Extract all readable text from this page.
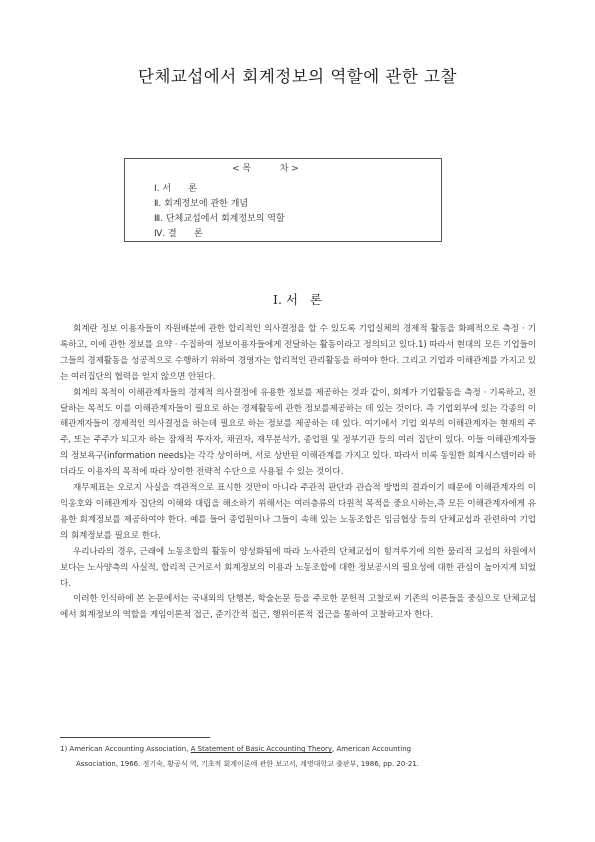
단체교섭에서 회계정보의 역할에 관한 고찰
< 목          차 >
Ⅰ. 서      론
Ⅱ. 회계정보에 관한 개념
Ⅲ. 단체교섭에서 회계정보의 역할
Ⅳ. 결      론
Ⅰ. 서   론

회계란 정보 이용자들이 자원배분에 관한 합리적인 의사결정을 할 수 있도록 기업실체의 경제적 활동을 화폐적으로 측정 · 기록하고, 이에 관한 정보를 요약 · 수집하여 정보이용자들에게 전달하는 활동이라고 정의되고 있다.1) 따라서 현대의 모든 기업들이 그들의 경제활동을 성공적으로 수행하기 위하여 경영자는 합리적인 관리활동을 하여야 한다. 그리고 기업과 이해관계를 가지고 있는 여러집단의 협력을 얻지 않으면 안된다.

회계의 목적이 이해관계자들의 경제적 의사결정에 유용한 정보를 제공하는 것과 같이, 회계가 기업활동을 측정 · 기록하고, 전달하는 목적도 이를 이해관계자들이 필요로 하는 경제활동에 관한 정보를제공하는 데 있는 것이다. 즉 기업외부에 있는 각종의 이해관계자들이 경제적인 의사결정을 하는데 필요로 하는 정보를 제공하는 데 있다. 여기에서 기업 외부의 이해관계자는 현재의 주주, 또는 주주가 되고자 하는 잠재적 투자자, 채권자, 재무분석가, 종업원 및 정부기관 등의 여러 집단이 있다. 이들 이해관계자들의 정보욕구(information needs)는 각각 상이하며, 서로 상반된 이해관계를 가지고 있다. 따라서 비록 동일한 회계시스템이라 하더라도 이용자의 목적에 따라 상이한 전략적 수단으로 사용될 수 있는 것이다.

재무제표는 오로지 사실을 객관적으로 표시한 것만이 아니라 주관적 판단과 관습적 방법의 결과이기 때문에 이해관계자의 이익옹호와 이해관계자 집단의 이해와 대립을 해소하기 위해서는 여러층류의 다원적 목적을 중요시하는,즉 모든 이해관계자에게 유용한 회계정보를 제공하여야 한다. 예를 들어 종업원이나 그들이 속해 있는 노동조합은 임금협상 등의 단체교섭과 관련하여 기업의 회계정보를 필요로 한다.

우리나라의 경우, 근래에 노동조합의 활동이 양성화됨에 따라 노사관의 단체교섭이 힘겨루기에 의한 물리적 교섭의 차원에서 보다는 노사양측의 사실적, 합리적 근거로서 회계정보의 이용과 노동조합에 대한 정보공시의 필요성에 대한 관심이 높아지게 되었다.

이러한 인식하에 본 논문에서는 국내외의 단행본, 학술논문 등을 주로한 문헌적 고찰로써 기존의 이론들을 중심으로 단체교섭에서 회계정보의 역할을 게임이론적 접근, 준기간적 접근, 행위이론적 접근을 통하여 고찰하고자 한다.

1) American Accounting Association, A Statement of Basic Accounting Theory, American Accounting
Association, 1966. 정기숙, 황공식 역, 기초적 회계이론에 관한 보고서, 계명대학교 출판부, 1986, pp. 20-21.
